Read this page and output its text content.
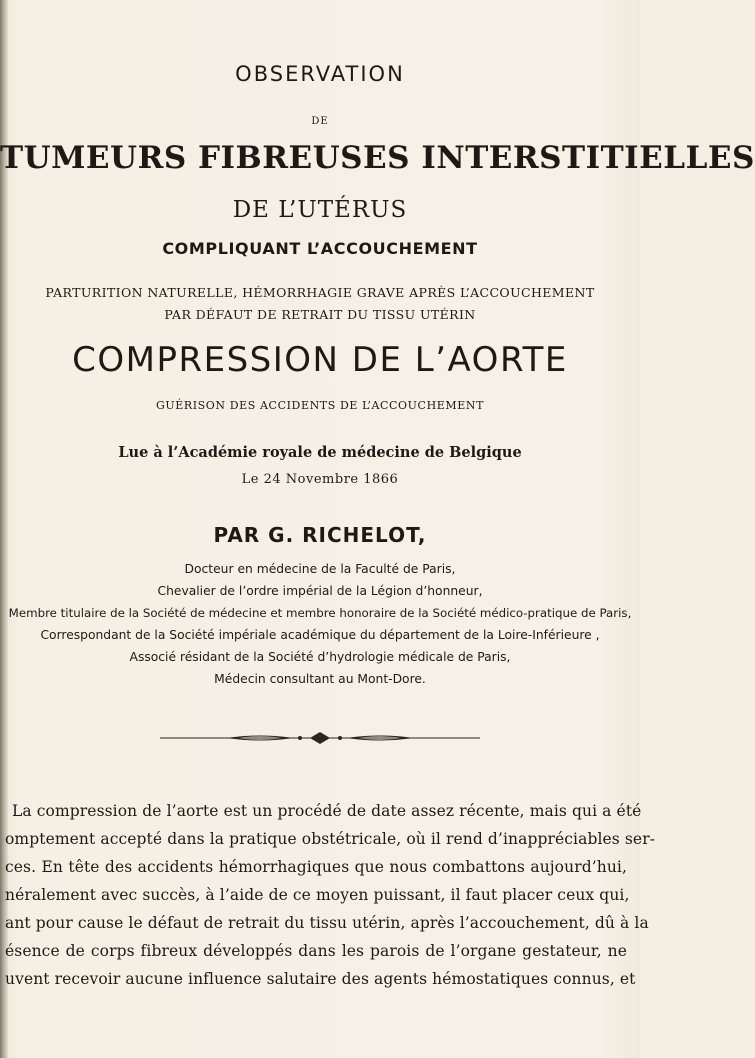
OBSERVATION
DE
TUMEURS FIBREUSES INTERSTITIELLES
DE L’UTÉRUS
COMPLIQUANT L’ACCOUCHEMENT
PARTURITION NATURELLE, HÉMORRHAGIE GRAVE APRÈS L’ACCOUCHEMENT
PAR DÉFAUT DE RETRAIT DU TISSU UTÉRIN
COMPRESSION DE L’AORTE
GUÉRISON DES ACCIDENTS DE L’ACCOUCHEMENT
Lue à l’Académie royale de médecine de Belgique
Le 24 Novembre 1866
PAR G. RICHELOT,
Docteur en médecine de la Faculté de Paris,
Chevalier de l’ordre impérial de la Légion d’honneur,
Membre titulaire de la Société de médecine et membre honoraire de la Société médico-pratique de Paris,
Correspondant de la Société impériale académique du département de la Loire-Inférieure ,
Associé résidant de la Société d’hydrologie médicale de Paris,
Médecin consultant au Mont-Dore.
La compression de l’aorte est un procédé de date assez récente, mais qui a été
omptement accepté dans la pratique obstétricale, où il rend d’inappréciables ser-
ces. En tête des accidents hémorrhagiques que nous combattons aujourd’hui,
néralement avec succès, à l’aide de ce moyen puissant, il faut placer ceux qui,
ant pour cause le défaut de retrait du tissu utérin, après l’accouchement, dû à la
ésence de corps fibreux développés dans les parois de l’organe gestateur, ne
uvent recevoir aucune influence salutaire des agents hémostatiques connus, et
